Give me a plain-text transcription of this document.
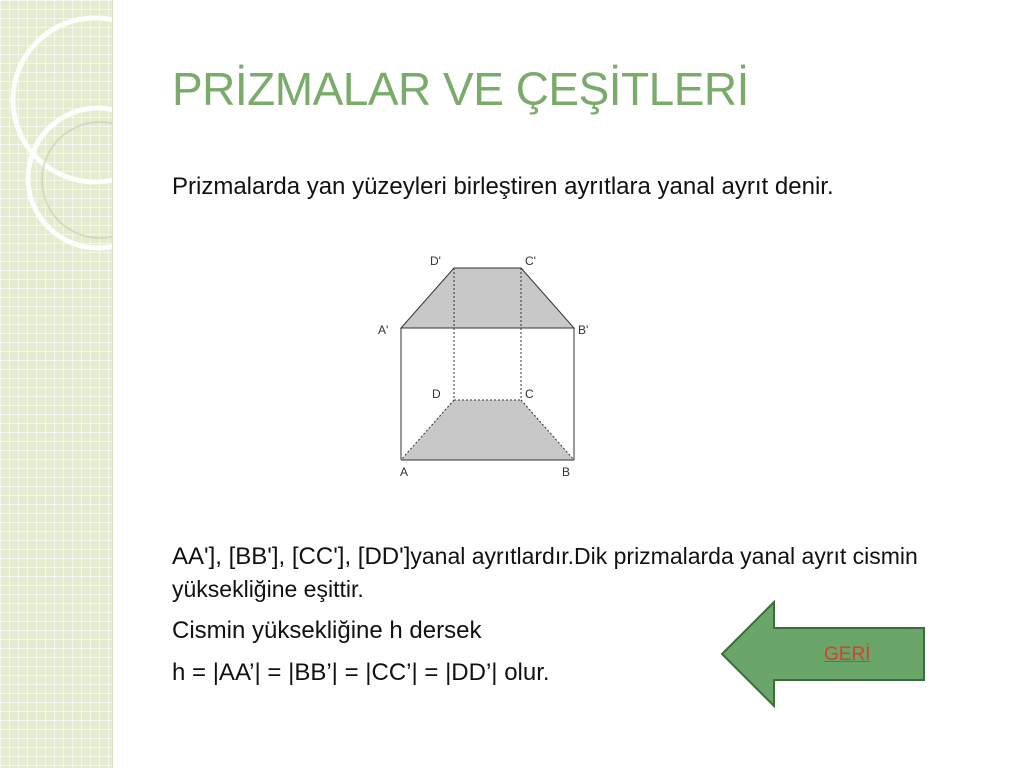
PRİZMALAR VE ÇEŞİTLERİ
Prizmalarda yan yüzeyleri birleştiren ayrıtlara yanal ayrıt denir.
D'	C'
A'	B'
D	C
A	B
AA'], [BB'], [CC'], [DD']yanal ayrıtlardır.Dik prizmalarda yanal ayrıt cismin yüksekliğine eşittir.
Cismin yüksekliğine h dersek
h = |AA’| = |BB’| = |CC’| = |DD’| olur.
GERİ
